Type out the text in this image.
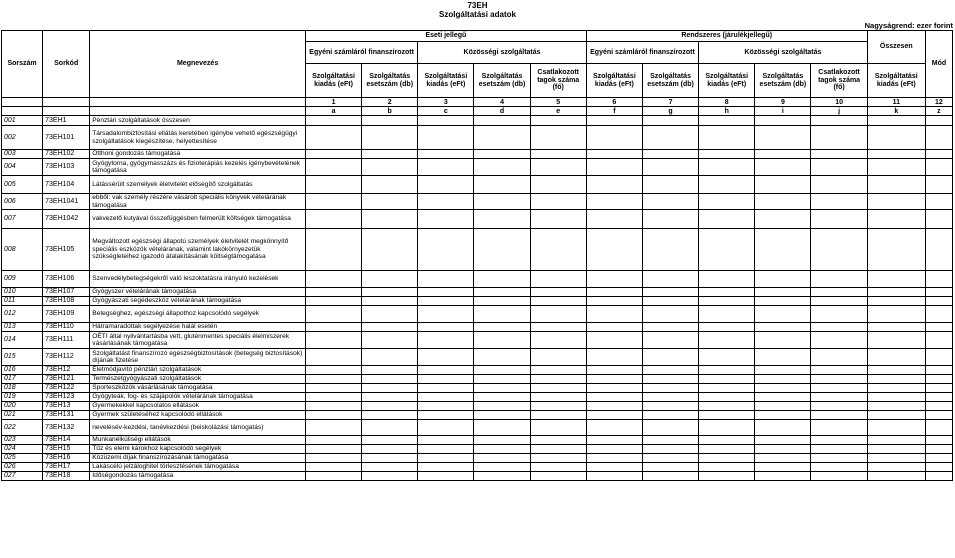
73EH
Szolgáltatási adatok
Nagyságrend: ezer forint
Sorszám	Sorkód	Megnevezés	Eseti jellegű					Rendszeres (járulékjellegű)					Összesen	Mód
			Egyéni számláról finanszírozott		Közösségi szolgáltatás			Egyéni számláról finanszírozott		Közösségi szolgáltatás				
			Szolgáltatási kiadás (eFt)	Szolgáltatás esetszám (db)	Szolgáltatási kiadás (eFt)	Szolgáltatás esetszám (db)	Csatlakozott tagok száma (fő)	Szolgáltatási kiadás (eFt)	Szolgáltatás esetszám (db)	Szolgáltatási kiadás (eFt)	Szolgáltatás esetszám (db)	Csatlakozott tagok száma (fő)	Szolgáltatási kiadás (eFt)	
			1	2	3	4	5	6	7	8	9	10	11	12
			a	b	c	d	e	f	g	h	i	j	k	z
001	73EH1	Pénztári szolgáltatások összesen												
002	73EH101	Társadalombiztosítási ellátás keretében igénybe vehető egészségügyi szolgáltatások kiegészítése, helyettesítése												
003	73EH102	Otthoni gondozás támogatása												
004	73EH103	Gyógytorna, gyógymasszázs és fizioterápiás kezelés igénybevételének támogatása												
005	73EH104	Látássérült személyek életvitelét elősegítő szolgáltatás												
006	73EH1041	ebből: vak személy részére vásárolt speciális könyvek vételárának támogatása												
007	73EH1042	vakvezető kutyával összefüggésben felmerült költségek támogatása												
008	73EH105	Megváltozott egészségi állapotú személyek életvitelét megkönnyítő speciális eszközök vételárának, valamint lakókörnyezetük szükségleteihez igazodó átalakításának költségtámogatása												
009	73EH106	Szenvedélybetegségekről való leszoktatásra irányuló kezelések												
010	73EH107	Gyógyszer vételárának támogatása												
011	73EH108	Gyógyászati segédeszköz vételárának támogatása												
012	73EH109	Betegséghez, egészségi állapothoz kapcsolódó segélyek												
013	73EH110	Hátramaradottak segélyezése halál esetén												
014	73EH111	OÉTI által nyilvántartásba vett, gluténmentes speciális élelmiszerek vásárlásának támogatása												
015	73EH112	Szolgáltatást finanszírozó egészségbiztosítások (betegség biztosítások) díjának fizetése												
016	73EH12	Életmódjavító pénztári szolgáltatások												
017	73EH121	Természetgyógyászati szolgáltatások												
018	73EH122	Sporteszközök vásárlásának támogatása												
019	73EH123	Gyógyteák, fog- és szájápolók vételárának támogatása												
020	73EH13	Gyermekekkel kapcsolatos ellátások												
021	73EH131	Gyermek születéséhez kapcsolódó ellátások												
022	73EH132	nevelésév-kezdési, tanévkezdési (beiskolázási támogatás)												
023	73EH14	Munkanélküliségi ellátások												
024	73EH15	Tűz és elemi károkhoz kapcsolódó segélyek												
025	73EH16	Közüzemi díjak finanszírozásának támogatása												
026	73EH17	Lakáscélú jelzáloghitel törlesztésének támogatása												
027	73EH18	Időségondozás támogatása												
